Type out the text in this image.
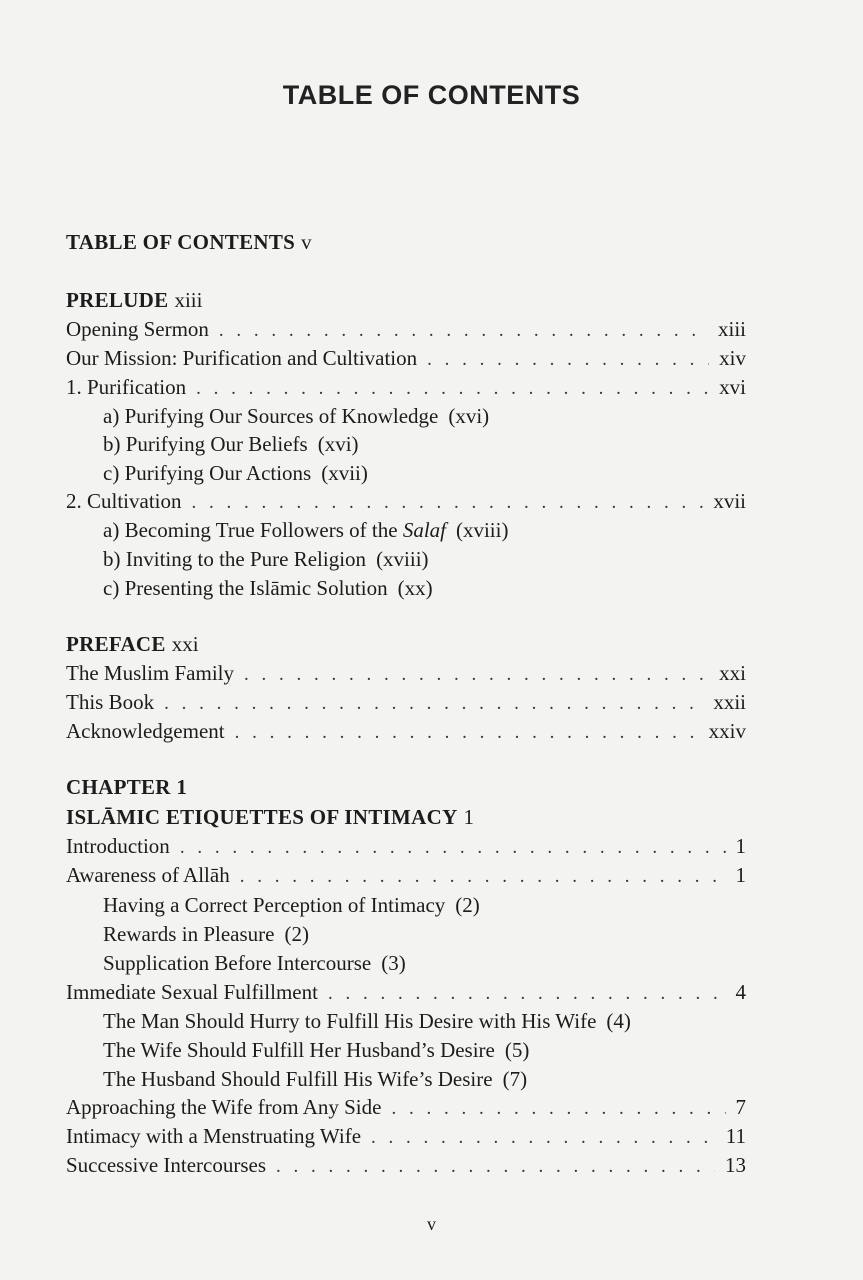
TABLE OF CONTENTS
TABLE OF CONTENTS v
PRELUDE xiii
Opening Sermon . . .	xiii
Our Mission: Purification and Cultivation . . .	xiv
1. Purification . . .	xvi
a) Purifying Our Sources of Knowledge (xvi)
b) Purifying Our Beliefs (xvi)
c) Purifying Our Actions (xvii)
2. Cultivation . . .	xvii
a) Becoming True Followers of the Salaf (xviii)
b) Inviting to the Pure Religion (xviii)
c) Presenting the Islāmic Solution (xx)
PREFACE xxi
The Muslim Family . . .	xxi
This Book . . .	xxii
Acknowledgement . . .	xxiv
CHAPTER 1
ISLĀMIC ETIQUETTES OF INTIMACY 1
Introduction . . .	1
Awareness of Allāh . . .	1
Having a Correct Perception of Intimacy (2)
Rewards in Pleasure (2)
Supplication Before Intercourse (3)
Immediate Sexual Fulfillment . . .	4
The Man Should Hurry to Fulfill His Desire with His Wife (4)
The Wife Should Fulfill Her Husband’s Desire (5)
The Husband Should Fulfill His Wife’s Desire (7)
Approaching the Wife from Any Side . . .	7
Intimacy with a Menstruating Wife . . .	11
Successive Intercourses . . .	13
v
